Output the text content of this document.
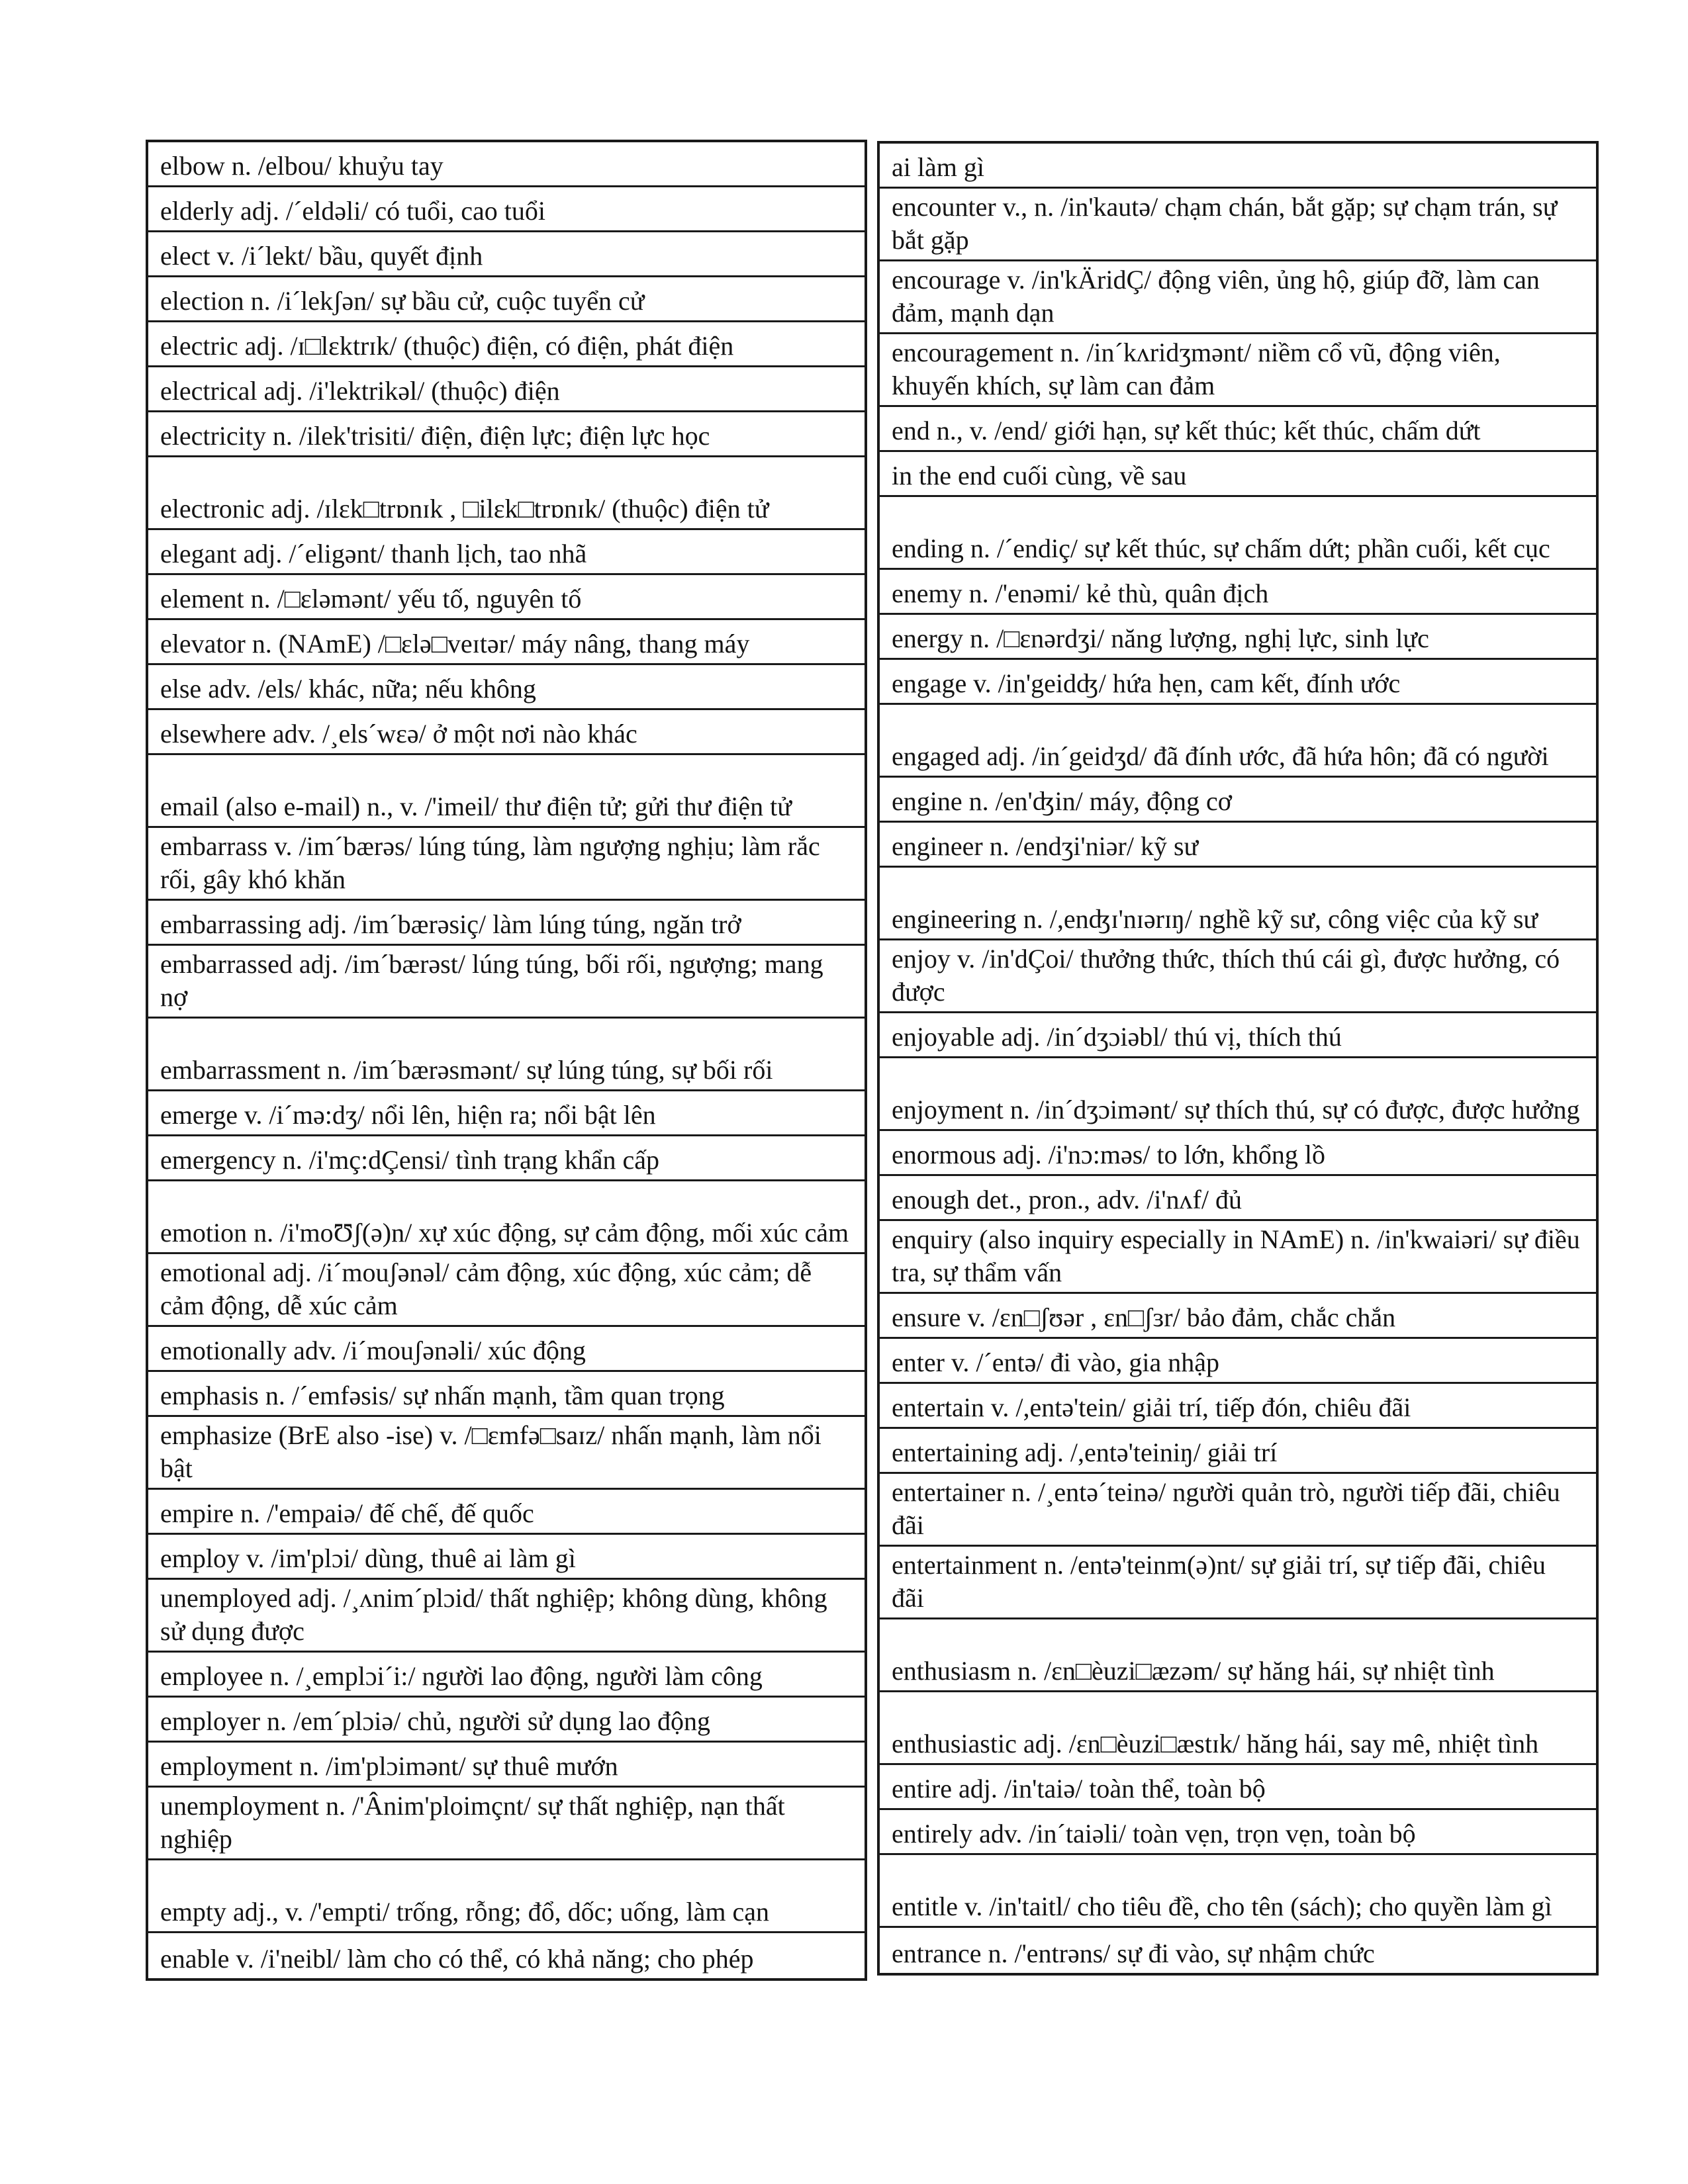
elbow n. /elbou/ khuỷu tay
elderly adj. /´eldəli/ có tuổi, cao tuổi
elect v. /i´lekt/ bầu, quyết định
election n. /i´lekʃən/ sự bầu cử, cuộc tuyển cử
electric adj. /ɪ□lɛktrɪk/ (thuộc) điện, có điện, phát điện
electrical adj. /i'lektrikəl/ (thuộc) điện
electricity n. /ilek'trisiti/ điện, điện lực; điện lực học
electronic adj. /ɪlɛk□trɒnɪk , □ilɛk□trɒnɪk/ (thuộc) điện tử
elegant adj. /´eligənt/ thanh lịch, tao nhã
element n. /□ɛləmənt/ yếu tố, nguyên tố
elevator n. (NAmE) /□ɛlə□veɪtər/ máy nâng, thang máy
else adv. /els/ khác, nữa; nếu không
elsewhere adv. /¸els´wɛə/ ở một nơi nào khác
email (also e-mail) n., v. /'imeil/ thư điện tử; gửi thư điện tử
embarrass v. /im´bærəs/ lúng túng, làm ngượng nghịu; làm rắc rối, gây khó khăn
embarrassing adj. /im´bærəsiç/ làm lúng túng, ngăn trở
embarrassed adj. /im´bærəst/ lúng túng, bối rối, ngượng; mang nợ
embarrassment n. /im´bærəsmənt/ sự lúng túng, sự bối rối
emerge v. /i´mə:dʒ/ nổi lên, hiện ra; nổi bật lên
emergency n. /i'mç:dÇensi/ tình trạng khẩn cấp
emotion n. /i'moƱʃ(ə)n/ xự xúc động, sự cảm động, mối xúc cảm
emotional adj. /i´mouʃənəl/ cảm động, xúc động, xúc cảm; dễ cảm động, dễ xúc cảm
emotionally adv. /i´mouʃənəli/ xúc động
emphasis n. /´emfəsis/ sự nhấn mạnh, tầm quan trọng
emphasize (BrE also -ise) v. /□ɛmfə□saɪz/ nhấn mạnh, làm nổi bật
empire n. /'empaiə/ đế chế, đế quốc
employ v. /im'plɔi/ dùng, thuê ai làm gì
unemployed adj. /¸ʌnim´plɔid/ thất nghiệp; không dùng, không sử dụng được
employee n. /¸emplɔi´i:/ người lao động, người làm công
employer n. /em´plɔiə/ chủ, người sử dụng lao động
employment n. /im'plɔimənt/ sự thuê mướn
unemployment n. /'Ânim'ploimçnt/ sự thất nghiệp, nạn thất nghiệp
empty adj., v. /'empti/ trống, rỗng; đổ, dốc; uống, làm cạn
enable v. /i'neibl/ làm cho có thể, có khả năng; cho phép
ai làm gì
encounter v., n. /in'kautə/ chạm chán, bắt gặp; sự chạm trán, sự bắt gặp
encourage v. /in'kÄridÇ/ động viên, ủng hộ, giúp đỡ, làm can đảm, mạnh dạn
encouragement n. /in´kʌridʒmənt/ niềm cổ vũ, động viên, khuyến khích, sự làm can đảm
end n., v. /end/ giới hạn, sự kết thúc; kết thúc, chấm dứt
in the end cuối cùng, về sau
ending n. /´endiç/ sự kết thúc, sự chấm dứt; phần cuối, kết cục
enemy n. /'enəmi/ kẻ thù, quân địch
energy n. /□ɛnərdʒi/ năng lượng, nghị lực, sinh lực
engage v. /in'geidʤ/ hứa hẹn, cam kết, đính ước
engaged adj. /in´geidʒd/ đã đính ước, đã hứa hôn; đã có người
engine n. /en'ʤin/ máy, động cơ
engineer n. /endʒi'niər/ kỹ sư
engineering n. /,enʤɪ'nɪərɪŋ/ nghề kỹ sư, công việc của kỹ sư
enjoy v. /in'dÇoi/ thưởng thức, thích thú cái gì, được hưởng, có được
enjoyable adj. /in´dʒɔiəbl/ thú vị, thích thú
enjoyment n. /in´dʒɔimənt/ sự thích thú, sự có được, được hưởng
enormous adj. /i'nɔ:məs/ to lớn, khổng lồ
enough det., pron., adv. /i'nʌf/ đủ
enquiry (also inquiry especially in NAmE) n. /in'kwaiəri/ sự điều tra, sự thẩm vấn
ensure v. /ɛn□ʃʊər , ɛn□ʃɜr/ bảo đảm, chắc chắn
enter v. /´entə/ đi vào, gia nhập
entertain v. /,entə'tein/ giải trí, tiếp đón, chiêu đãi
entertaining adj. /,entə'teiniŋ/ giải trí
entertainer n. /¸entə´teinə/ người quản trò, người tiếp đãi, chiêu đãi
entertainment n. /entə'teinm(ə)nt/ sự giải trí, sự tiếp đãi, chiêu đãi
enthusiasm n. /ɛn□èuzi□æzəm/ sự hăng hái, sự nhiệt tình
enthusiastic adj. /ɛn□èuzi□æstɪk/ hăng hái, say mê, nhiệt tình
entire adj. /in'taiə/ toàn thể, toàn bộ
entirely adv. /in´taiəli/ toàn vẹn, trọn vẹn, toàn bộ
entitle v. /in'taitl/ cho tiêu đề, cho tên (sách); cho quyền làm gì
entrance n. /'entrəns/ sự đi vào, sự nhậm chức
